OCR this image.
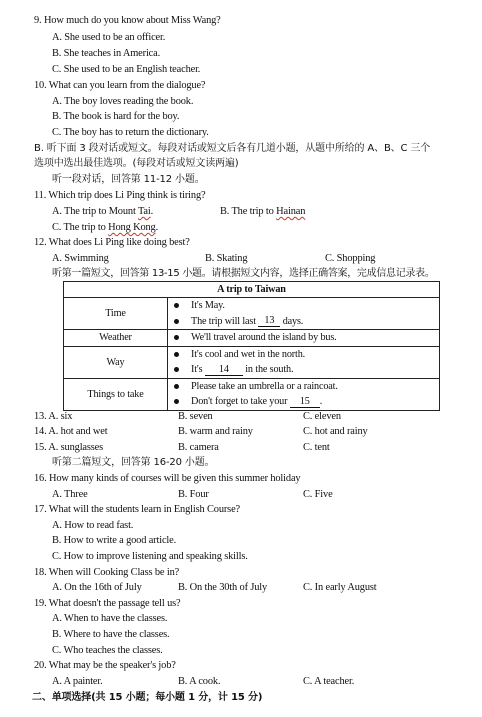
9. How much do you know about Miss Wang?
A. She used to be an officer.
B. She teaches in America.
C. She used to be an English teacher.
10. What can you learn from the dialogue?
A. The boy loves reading the book.
B. The book is hard for the boy.
C. The boy has to return the dictionary.
B. 听下面 3 段对话或短文。每段对话或短文后各有几道小题，从题中所给的 A、B、C 三个
选项中选出最佳选项。(每段对话或短文读两遍)
听一段对话，回答第 11-12 小题。
11. Which trip does Li Ping think is tiring?
A. The trip to Mount Tai.	B. The trip to Hainan
C. The trip to Hong Kong.
12. What does Li Ping like doing best?
A. Swimming	B. Skating	C. Shopping
听第一篇短文，回答第 13-15 小题。请根据短文内容，选择正确答案，完成信息记录表。
A trip to Taiwan	
Time	It's May.
The trip will last
13
days.

Weather	We'll travel around the island by bus.

Way	It's cool and wet in the north.
It's
14
in the south.

Things to take	Please take an umbrella or a raincoat.
Don't forget to take your
15 .
13. A. six	B. seven	C. eleven
14. A. hot and wet	B. warm and rainy	C. hot and rainy
15. A. sunglasses	B. camera	C. tent
听第二篇短文，回答第 16-20 小题。
16. How many kinds of courses will be given this summer holiday
A. Three	B. Four	C. Five
17. What will the students learn in English Course?
A. How to read fast.
B. How to write a good article.
C. How to improve listening and speaking skills.
18. When will Cooking Class be in?
A. On the 16th of July	B. On the 30th of July	C. In early August
19. What doesn't the passage tell us?
A. When to have the classes.
B. Where to have the classes.
C. Who teaches the classes.
20. What may be the speaker's job?
A. A painter.	B. A cook.	C. A teacher.
二、单项选择(共 15 小题；每小题 1 分，计 15 分)
